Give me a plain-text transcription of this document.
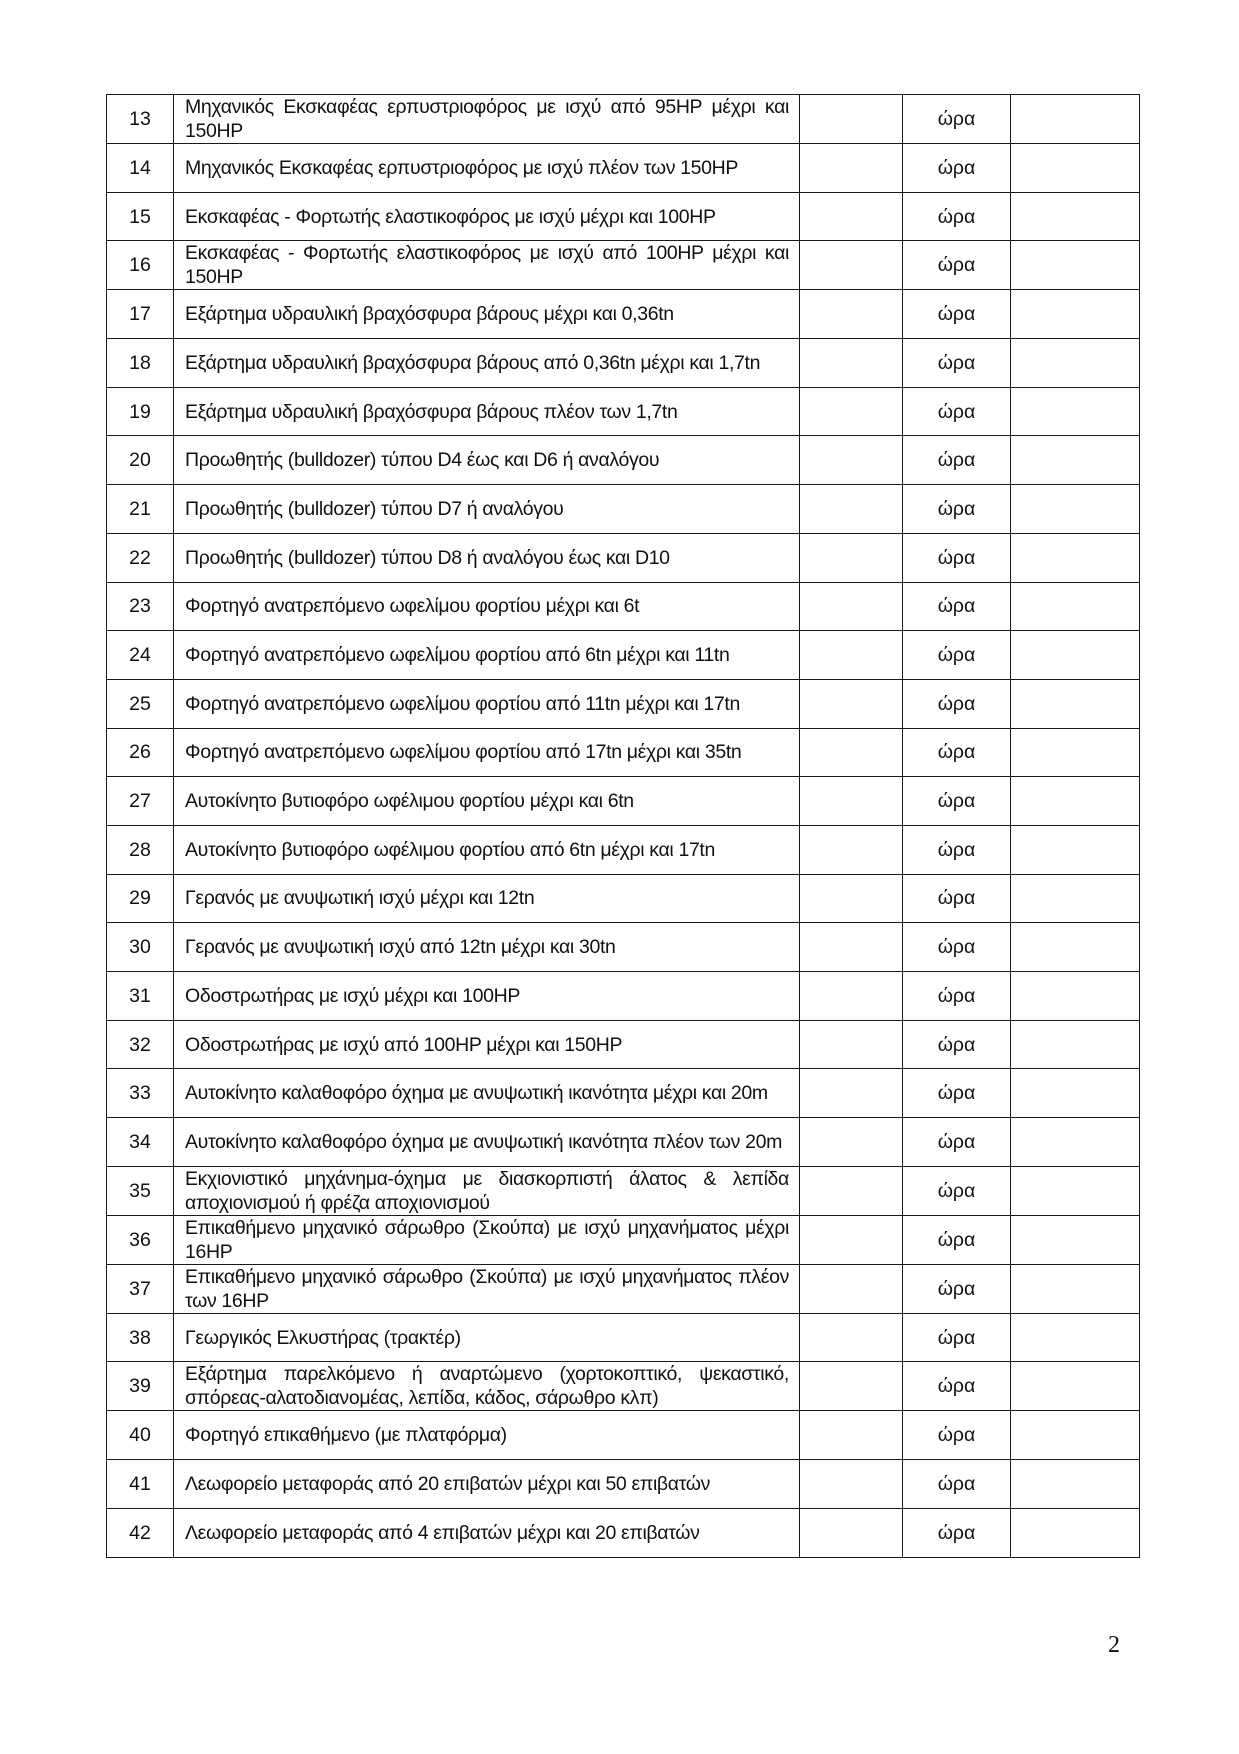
13	Μηχανικός Εκσκαφέας ερπυστριοφόρος με ισχύ από 95HP μέχρι και 150HP		ώρα	
14	Μηχανικός Εκσκαφέας ερπυστριοφόρος με ισχύ πλέον των 150HP		ώρα	
15	Εκσκαφέας - Φορτωτής ελαστικοφόρος με ισχύ μέχρι και 100HP		ώρα	
16	Εκσκαφέας - Φορτωτής ελαστικοφόρος με ισχύ από 100HP μέχρι και 150HP		ώρα	
17	Εξάρτημα υδραυλική βραχόσφυρα βάρους μέχρι και 0,36tn		ώρα	
18	Εξάρτημα υδραυλική βραχόσφυρα βάρους από 0,36tn μέχρι και 1,7tn		ώρα	
19	Εξάρτημα υδραυλική βραχόσφυρα βάρους πλέον των 1,7tn		ώρα	
20	Προωθητής (bulldozer) τύπου D4 έως και D6 ή αναλόγου		ώρα	
21	Προωθητής (bulldozer) τύπου D7 ή αναλόγου		ώρα	
22	Προωθητής (bulldozer) τύπου D8 ή αναλόγου έως και D10		ώρα	
23	Φορτηγό ανατρεπόμενο ωφελίμου φορτίου μέχρι και 6t		ώρα	
24	Φορτηγό ανατρεπόμενο ωφελίμου φορτίου από 6tn μέχρι και 11tn		ώρα	
25	Φορτηγό ανατρεπόμενο ωφελίμου φορτίου από 11tn μέχρι και 17tn		ώρα	
26	Φορτηγό ανατρεπόμενο ωφελίμου φορτίου από 17tn μέχρι και 35tn		ώρα	
27	Αυτοκίνητο βυτιοφόρο ωφέλιμου φορτίου μέχρι και 6tn		ώρα	
28	Αυτοκίνητο βυτιοφόρο ωφέλιμου φορτίου από 6tn μέχρι και 17tn		ώρα	
29	Γερανός με ανυψωτική ισχύ μέχρι και 12tn		ώρα	
30	Γερανός με ανυψωτική ισχύ από 12tn μέχρι και 30tn		ώρα	
31	Οδοστρωτήρας με ισχύ μέχρι και 100HP		ώρα	
32	Οδοστρωτήρας με ισχύ από 100HP μέχρι και 150HP		ώρα	
33	Αυτοκίνητο καλαθοφόρο όχημα με ανυψωτική ικανότητα μέχρι και 20m		ώρα	
34	Αυτοκίνητο καλαθοφόρο όχημα με ανυψωτική ικανότητα πλέον των 20m		ώρα	
35	Εκχιονιστικό μηχάνημα-όχημα με διασκορπιστή άλατος & λεπίδα αποχιονισμού ή φρέζα αποχιονισμού		ώρα	
36	Επικαθήμενο μηχανικό σάρωθρο (Σκούπα) με ισχύ μηχανήματος μέχρι 16HP		ώρα	
37	Επικαθήμενο μηχανικό σάρωθρο (Σκούπα) με ισχύ μηχανήματος πλέον των 16HP		ώρα	
38	Γεωργικός Ελκυστήρας (τρακτέρ)		ώρα	
39	Εξάρτημα παρελκόμενο ή αναρτώμενο (χορτοκοπτικό, ψεκαστικό, σπόρεας-αλατοδιανομέας, λεπίδα, κάδος, σάρωθρο κλπ)		ώρα	
40	Φορτηγό επικαθήμενο (με πλατφόρμα)		ώρα	
41	Λεωφορείο μεταφοράς από 20 επιβατών μέχρι και 50 επιβατών		ώρα	
42	Λεωφορείο μεταφοράς από 4 επιβατών μέχρι και 20 επιβατών		ώρα	
2
